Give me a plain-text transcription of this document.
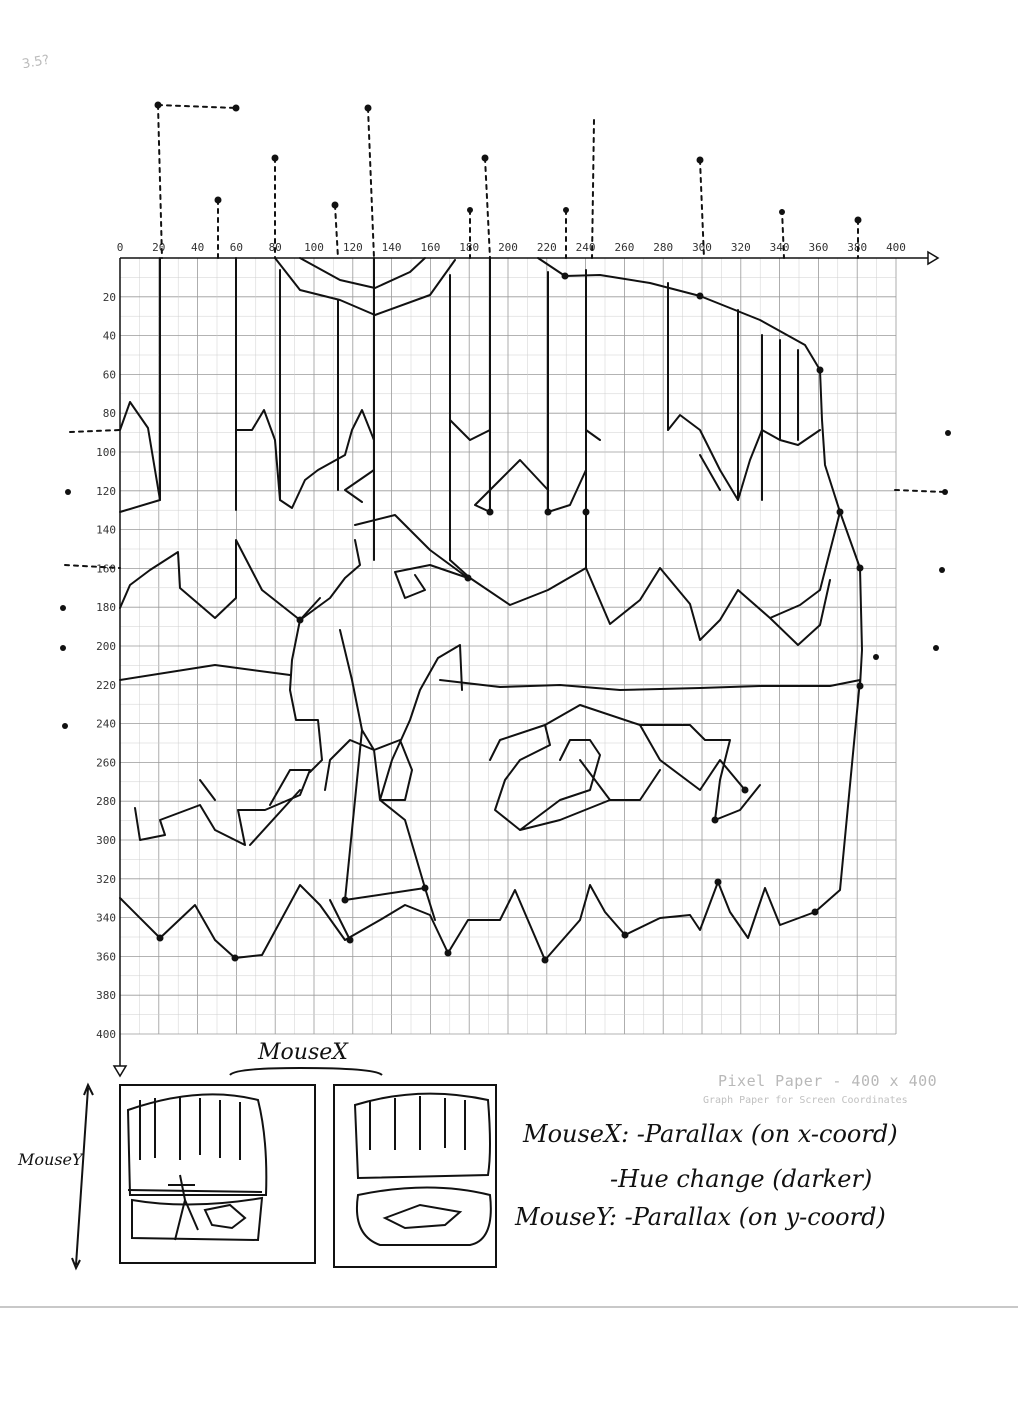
0	20 40 60 80 100 120 140 160 180 200 220 240 260 280 300 320 340 360 380 400
20
40
60
80
100
120
140
160
180
200
220
240
260
280
300
320
340
360
380
400
3.5?
Pixel Paper - 400 x 400
Graph Paper for Screen Coordinates
MouseX
MouseY
MouseX: -Parallax (on x-coord)
-Hue change (darker)
MouseY: -Parallax (on y-coord)
